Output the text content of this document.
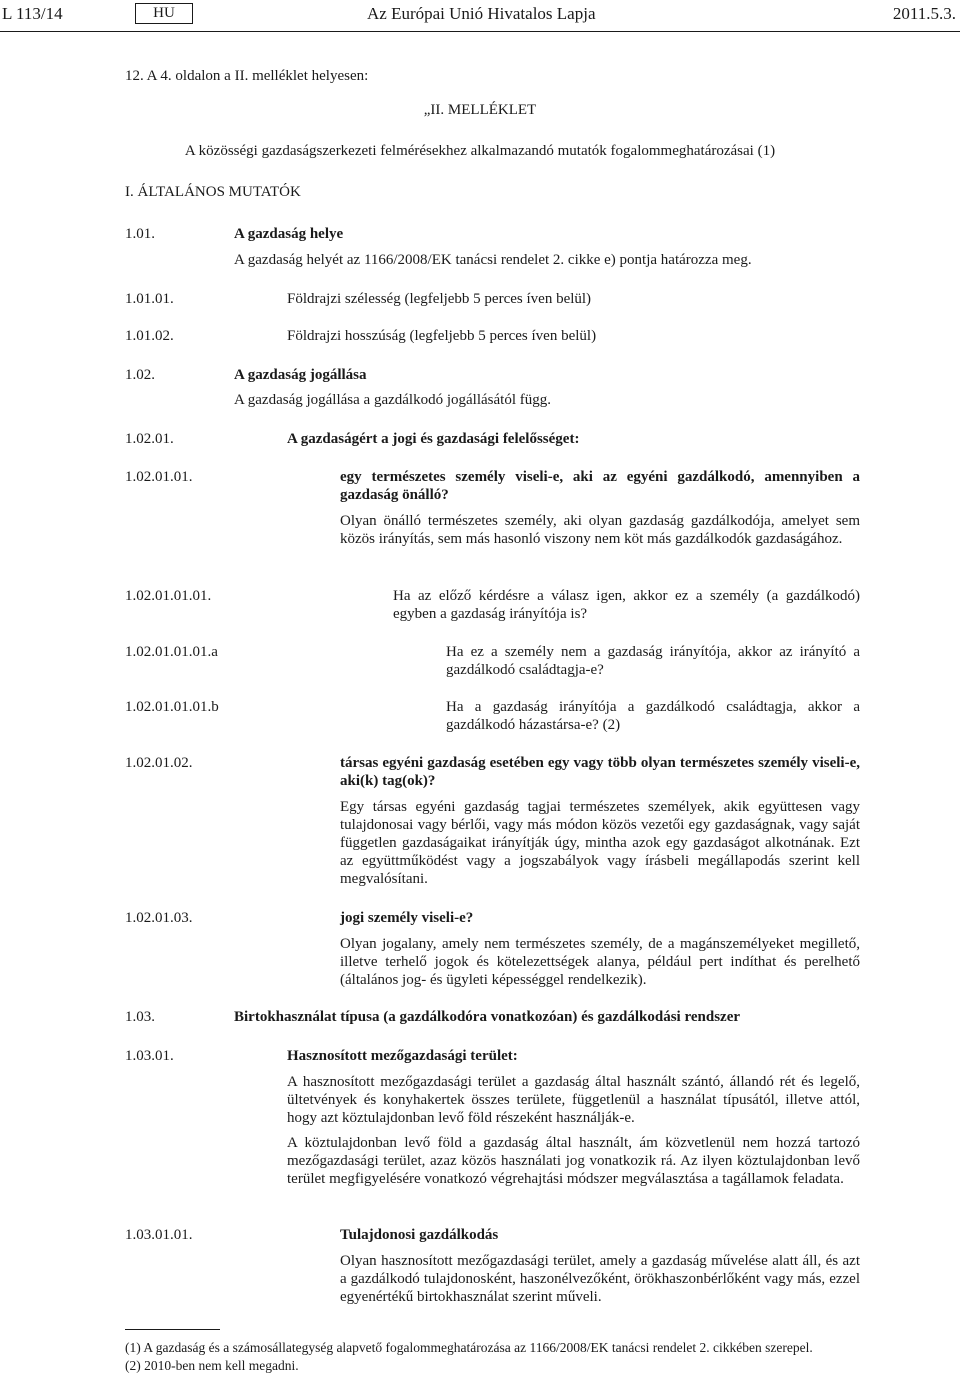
L 113/14	HU	Az Európai Unió Hivatalos Lapja	2011.5.3.
12. A 4. oldalon a II. melléklet helyesen:
„II. MELLÉKLET
A közösségi gazdaságszerkezeti felmérésekhez alkalmazandó mutatók fogalommeghatározásai (1)
I. ÁLTALÁNOS MUTATÓK
1.01.	A gazdaság helye
A gazdaság helyét az 1166/2008/EK tanácsi rendelet 2. cikke e) pontja határozza meg.
1.01.01.	Földrajzi szélesség (legfeljebb 5 perces íven belül)
1.01.02.	Földrajzi hosszúság (legfeljebb 5 perces íven belül)
1.02.	A gazdaság jogállása
A gazdaság jogállása a gazdálkodó jogállásától függ.
1.02.01.	A gazdaságért a jogi és gazdasági felelősséget:
1.02.01.01.	egy természetes személy viseli-e, aki az egyéni gazdálkodó, amennyiben a gazdaság önálló?
Olyan önálló természetes személy, aki olyan gazdaság gazdálkodója, amelyet sem közös irányítás, sem más hasonló viszony nem köt más gazdálkodók gazdaságához.
1.02.01.01.01.	Ha az előző kérdésre a válasz igen, akkor ez a személy (a gazdálkodó) egyben a gazdaság irányítója is?
1.02.01.01.01.a	Ha ez a személy nem a gazdaság irányítója, akkor az irányító a gazdálkodó családtagja-e?
1.02.01.01.01.b	Ha a gazdaság irányítója a gazdálkodó családtagja, akkor a gazdálkodó házastársa-e? (2)
1.02.01.02.	társas egyéni gazdaság esetében egy vagy több olyan természetes személy viseli-e, aki(k) tag(ok)?
Egy társas egyéni gazdaság tagjai természetes személyek, akik együttesen vagy tulajdonosai vagy bérlői, vagy más módon közös vezetői egy gazdaságnak, vagy saját független gazdaságaikat irányítják úgy, mintha azok egy gazdaságot alkotnának. Ezt az együttműködést vagy a jogszabályok vagy írásbeli megállapodás szerint kell megvalósítani.
1.02.01.03.	jogi személy viseli-e?
Olyan jogalany, amely nem természetes személy, de a magánszemélyeket megillető, illetve terhelő jogok és kötelezettségek alanya, például pert indíthat és perelhető (általános jog- és ügyleti képességgel rendelkezik).
1.03.	Birtokhasználat típusa (a gazdálkodóra vonatkozóan) és gazdálkodási rendszer
1.03.01.	Hasznosított mezőgazdasági terület:
A hasznosított mezőgazdasági terület a gazdaság által használt szántó, állandó rét és legelő, ültetvények és konyhakertek összes területe, függetlenül a használat típusától, illetve attól, hogy azt köztulajdonban levő föld részeként használják-e.
A köztulajdonban levő föld a gazdaság által használt, ám közvetlenül nem hozzá tartozó mezőgazdasági terület, azaz közös használati jog vonatkozik rá. Az ilyen köztulajdonban levő terület megfigyelésére vonatkozó végrehajtási módszer megválasztása a tagállamok feladata.
1.03.01.01.	Tulajdonosi gazdálkodás
Olyan hasznosított mezőgazdasági terület, amely a gazdaság művelése alatt áll, és azt a gazdálkodó tulajdonosként, haszonélvezőként, örökhaszonbérlőként vagy más, ezzel egyenértékű birtokhasználat szerint műveli.
(1) A gazdaság és a számosállategység alapvető fogalommeghatározása az 1166/2008/EK tanácsi rendelet 2. cikkében szerepel.
(2) 2010-ben nem kell megadni.
